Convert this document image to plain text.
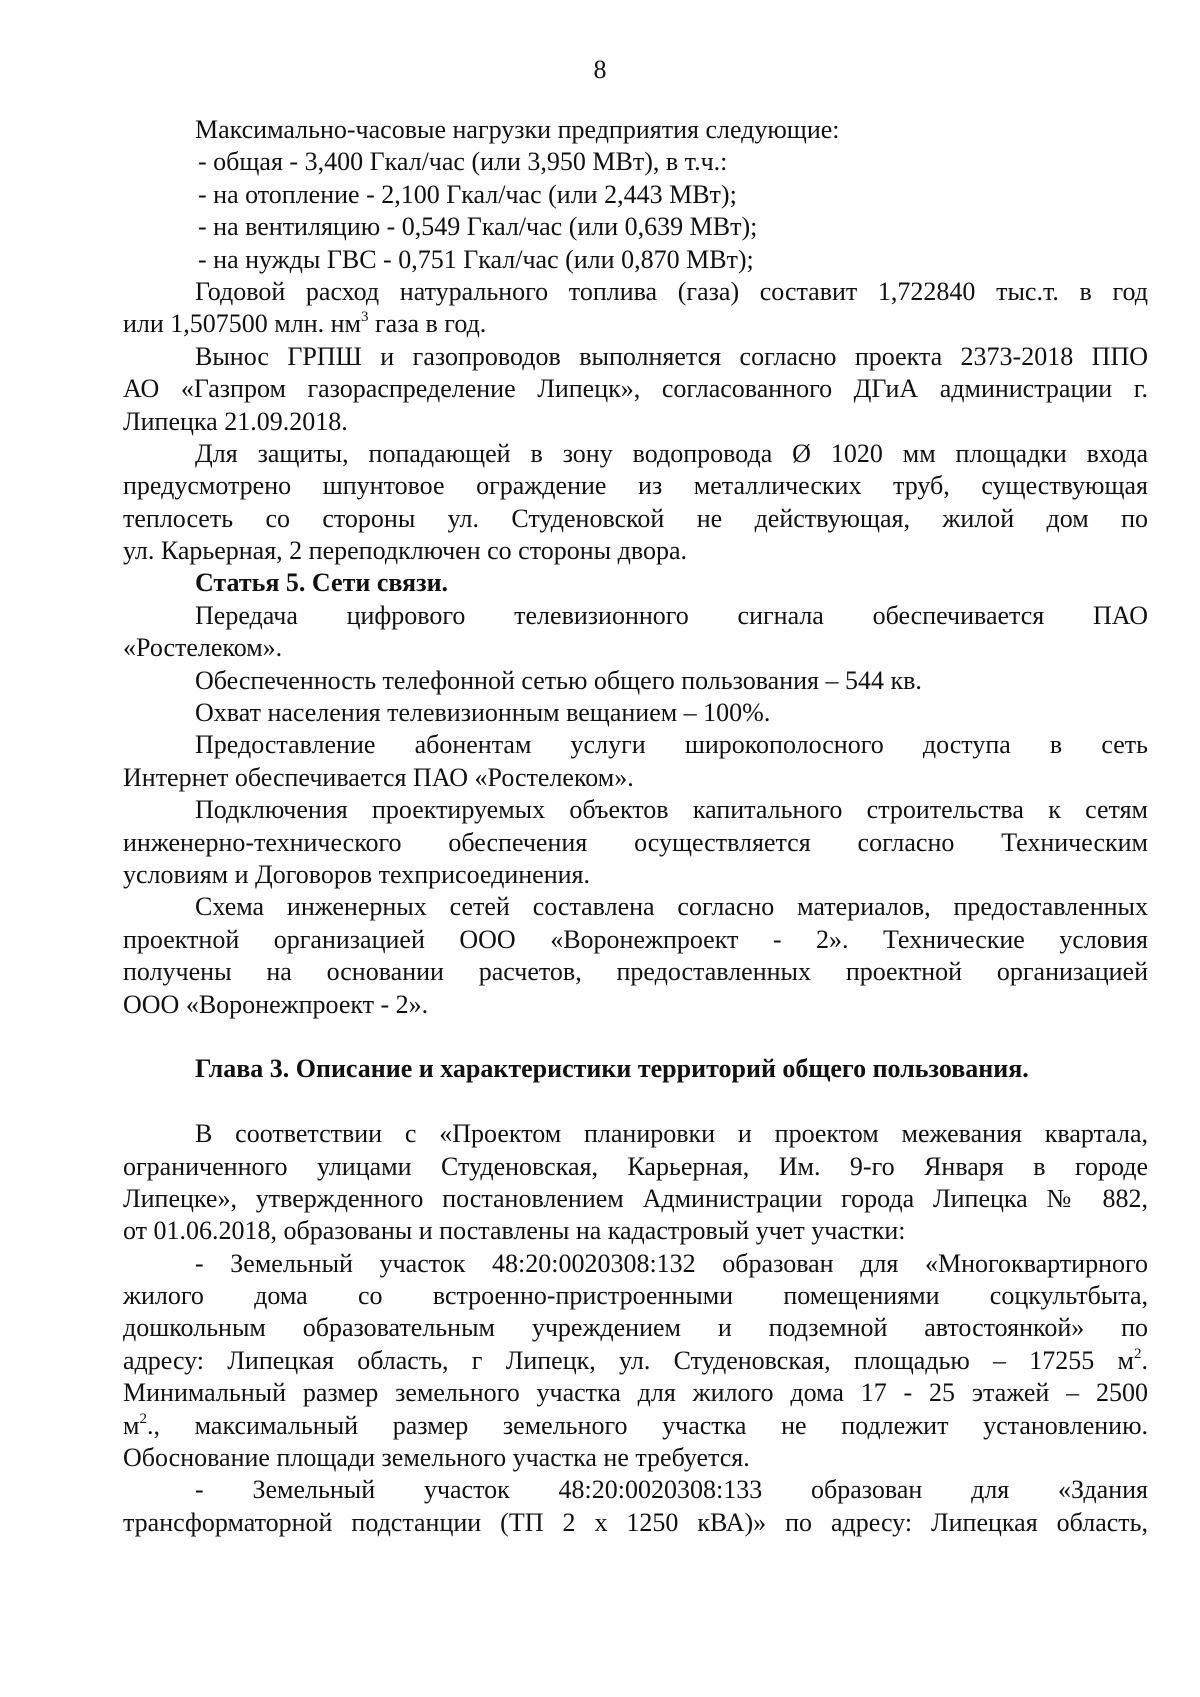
8
Максимально-часовые нагрузки предприятия следующие:
- общая - 3,400 Гкал/час (или 3,950 МВт), в т.ч.:
- на отопление - 2,100 Гкал/час (или 2,443 МВт);
- на вентиляцию - 0,549 Гкал/час (или 0,639 МВт);
- на нужды ГВС - 0,751 Гкал/час (или 0,870 МВт);
Годовой расход натурального топлива (газа) составит 1,722840 тыс.т. в год
или 1,507500 млн. $нм^3$ газа в год.
Вынос ГРПШ и газопроводов выполняется согласно проекта 2373-2018 ППО
АО «Газпром газораспределение Липецк», согласованного ДГиА администрации г.
Липецка 21.09.2018.
Для защиты, попадающей в зону водопровода Ø 1020 мм площадки входа
предусмотрено шпунтовое ограждение из металлических труб, существующая
теплосеть со стороны ул. Студеновской не действующая, жилой дом по
ул. Карьерная, 2 переподключен со стороны двора.
Статья 5. Сети связи.
Передача цифрового телевизионного сигнала обеспечивается ПАО
«Ростелеком».
Обеспеченность телефонной сетью общего пользования – 544 кв.
Охват населения телевизионным вещанием – 100%.
Предоставление абонентам услуги широкополосного доступа в сеть
Интернет обеспечивается ПАО «Ростелеком».
Подключения проектируемых объектов капитального строительства к сетям
инженерно-технического обеспечения осуществляется согласно Техническим
условиям и Договоров техприсоединения.
Схема инженерных сетей составлена согласно материалов, предоставленных
проектной организацией ООО «Воронежпроект - 2». Технические условия
получены на основании расчетов, предоставленных проектной организацией
ООО «Воронежпроект - 2».
Глава 3. Описание и характеристики территорий общего пользования.
В соответствии с «Проектом планировки и проектом межевания квартала,
ограниченного улицами Студеновская, Карьерная, Им. 9-го Января в городе
Липецке», утвержденного постановлением Администрации города Липецка № 882,
от 01.06.2018, образованы и поставлены на кадастровый учет участки:
- Земельный участок 48:20:0020308:132 образован для «Многоквартирного
жилого дома со встроенно-пристроенными помещениями соцкультбыта,
дошкольным образовательным учреждением и подземной автостоянкой» по
адресу: Липецкая область, г Липецк, ул. Студеновская, площадью – 17255 $м^2$.
Минимальный размер земельного участка для жилого дома 17 - 25 этажей – 2500
$м^2$., максимальный размер земельного участка не подлежит установлению.
Обоснование площади земельного участка не требуется.
- Земельный участок 48:20:0020308:133 образован для «Здания
трансформаторной подстанции (ТП 2 х 1250 кВА)» по адресу: Липецкая область,
